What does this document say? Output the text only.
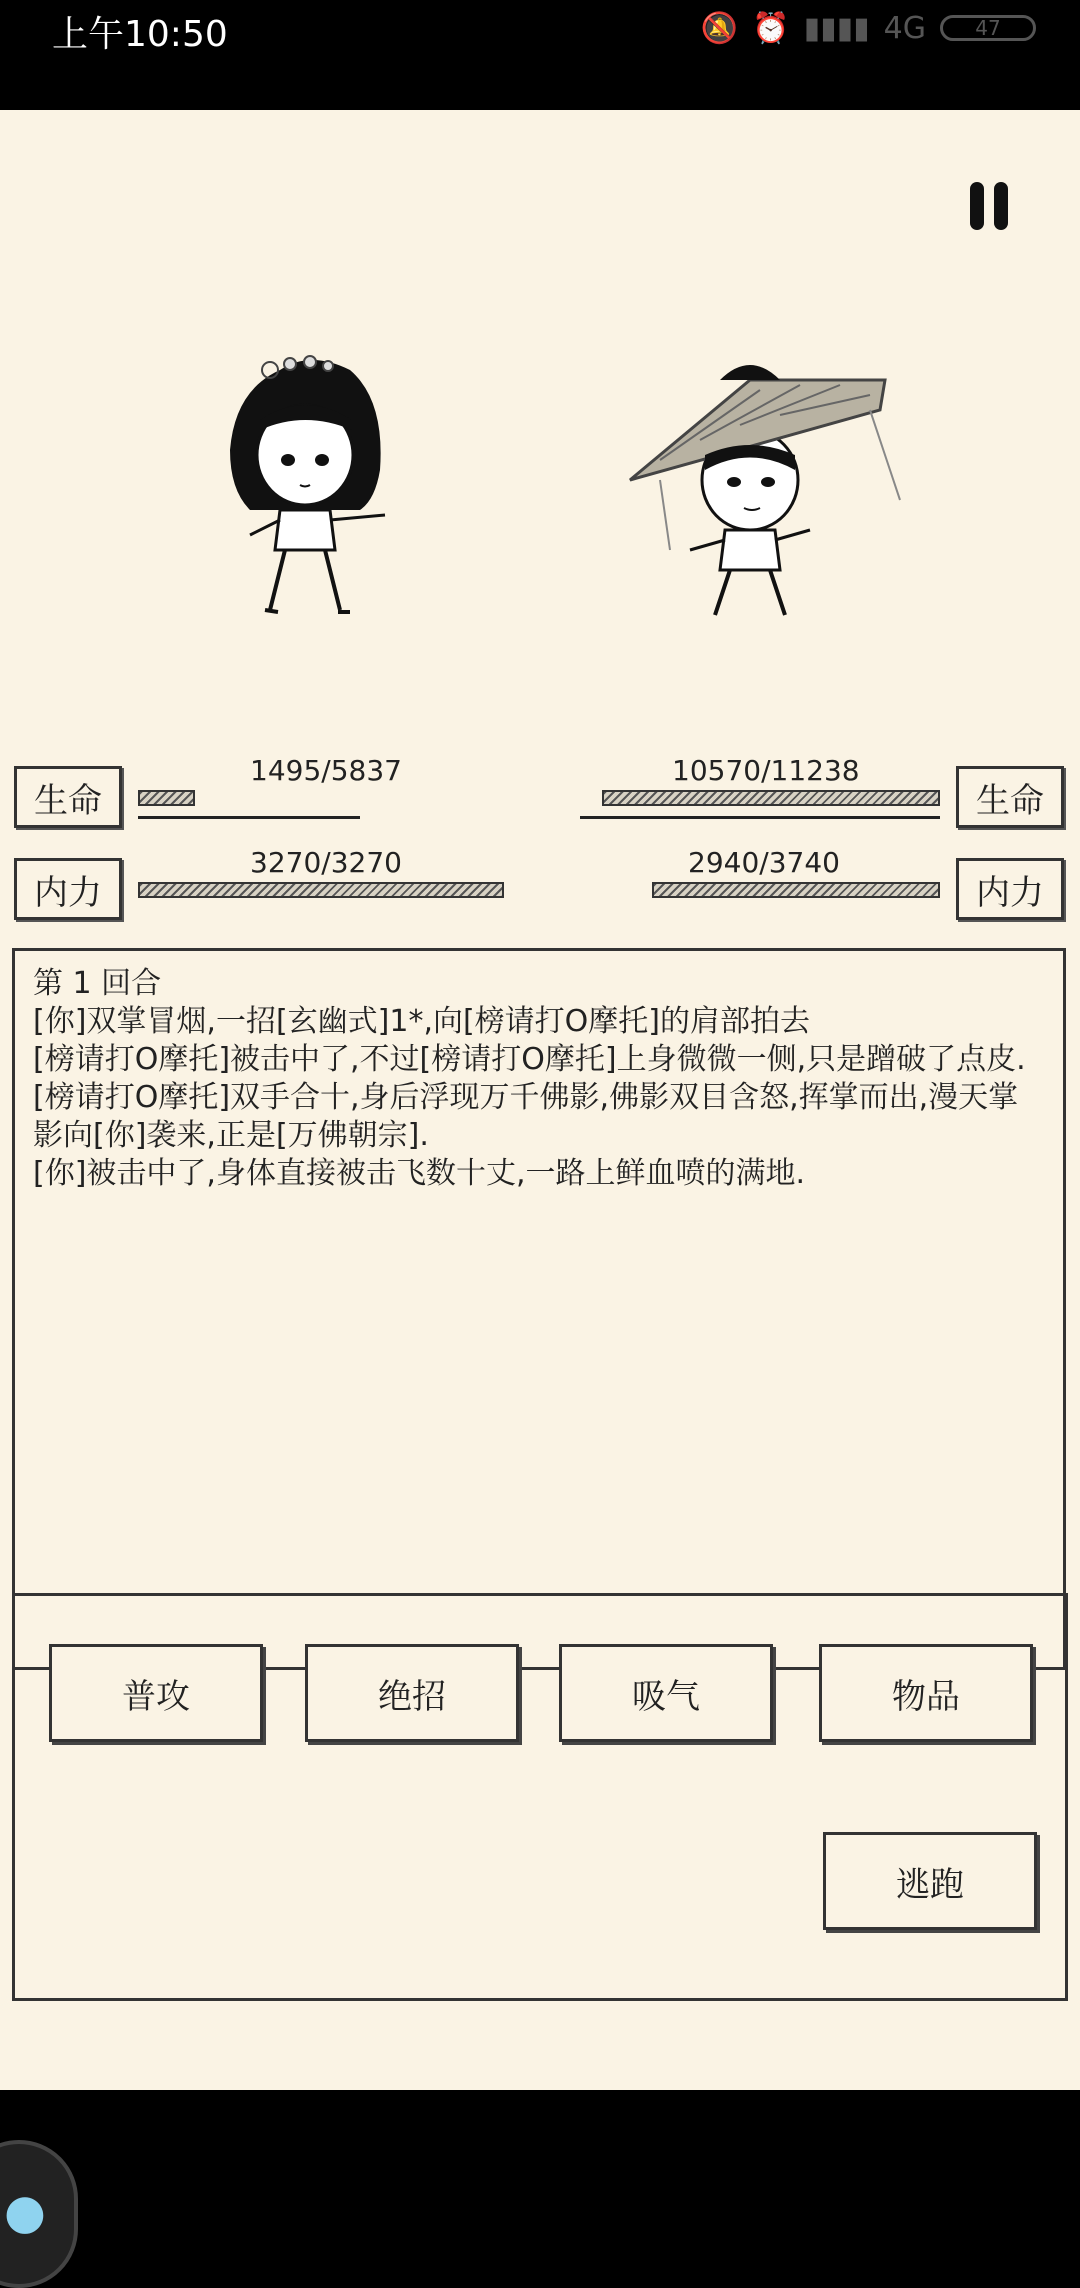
上午10:50	🔕 ⏰ ▮▮▮▮ 4G 47
生命
1495/5837
内力
3270/3270
生命
10570/11238
内力
2940/3740

第 1 回合

[你]双掌冒烟,一招[玄幽式]1*,向[榜请打O摩托]的肩部拍去

[榜请打O摩托]被击中了,不过[榜请打O摩托]上身微微一侧,只是蹭破了点皮.

[榜请打O摩托]双手合十,身后浮现万千佛影,佛影双目含怒,挥掌而出,漫天掌影向[你]袭来,正是[万佛朝宗].

[你]被击中了,身体直接被击飞数十丈,一路上鲜血喷的满地.

普攻	绝招	吸气	物品
逃跑
●
